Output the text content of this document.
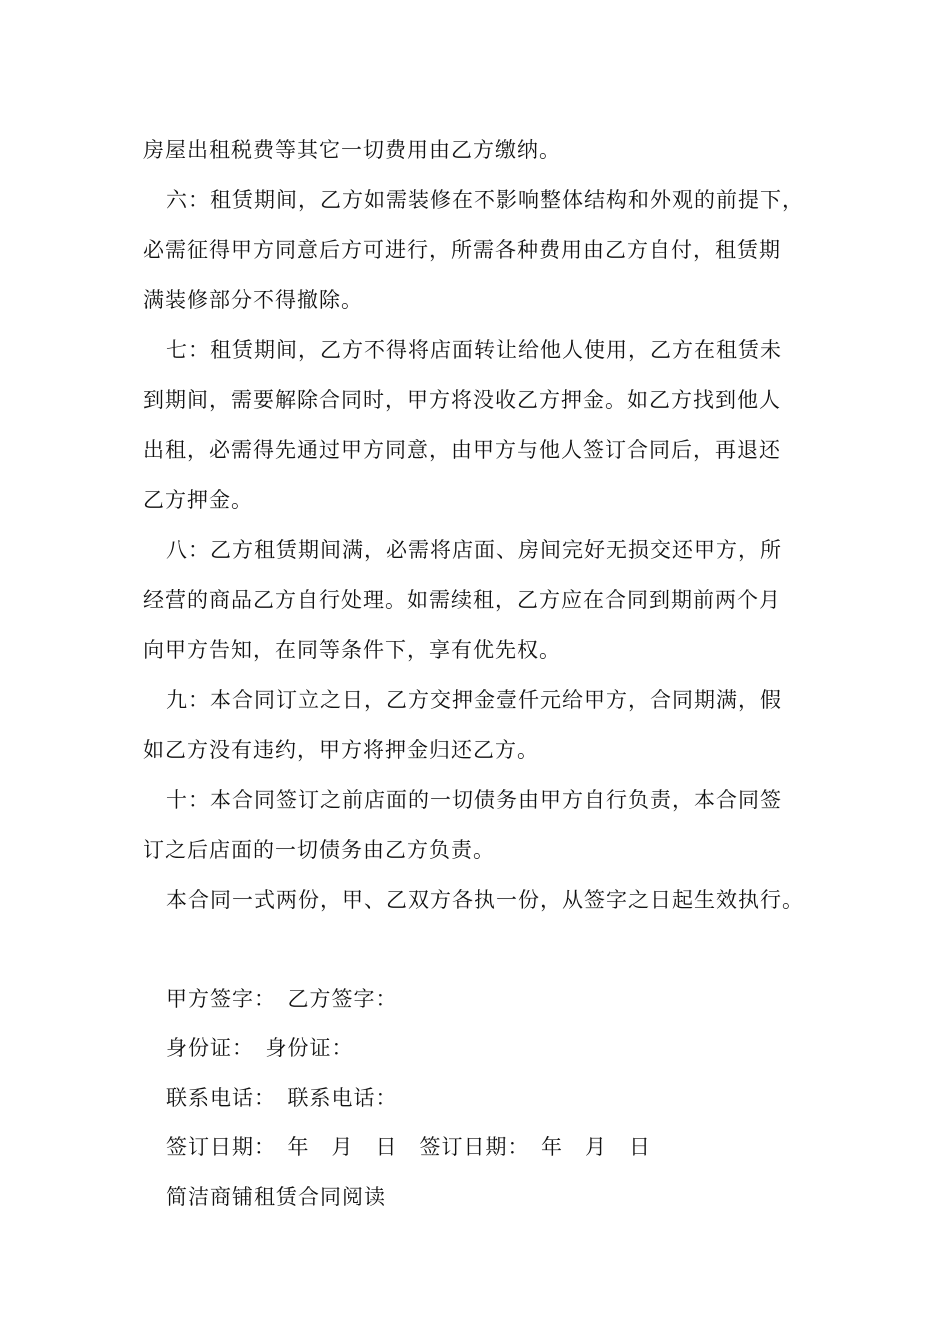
房屋出租税费等其它一切费用由乙方缴纳。
六：租赁期间，乙方如需装修在不影响整体结构和外观的前提下，
必需征得甲方同意后方可进行，所需各种费用由乙方自付，租赁期
满装修部分不得撤除。
七：租赁期间，乙方不得将店面转让给他人使用，乙方在租赁未
到期间，需要解除合同时，甲方将没收乙方押金。如乙方找到他人
出租，必需得先通过甲方同意，由甲方与他人签订合同后，再退还
乙方押金。
八：乙方租赁期间满，必需将店面、房间完好无损交还甲方，所
经营的商品乙方自行处理。如需续租，乙方应在合同到期前两个月
向甲方告知，在同等条件下，享有优先权。
九：本合同订立之日，乙方交押金壹仟元给甲方，合同期满，假
如乙方没有违约，甲方将押金归还乙方。
十：本合同签订之前店面的一切债务由甲方自行负责，本合同签
订之后店面的一切债务由乙方负责。
本合同一式两份，甲、乙双方各执一份，从签字之日起生效执行。
甲方签字：　乙方签字：
身份证：　身份证：
联系电话：　联系电话：
签订日期：　年　月　日　签订日期：　年　月　日
简洁商铺租赁合同阅读
